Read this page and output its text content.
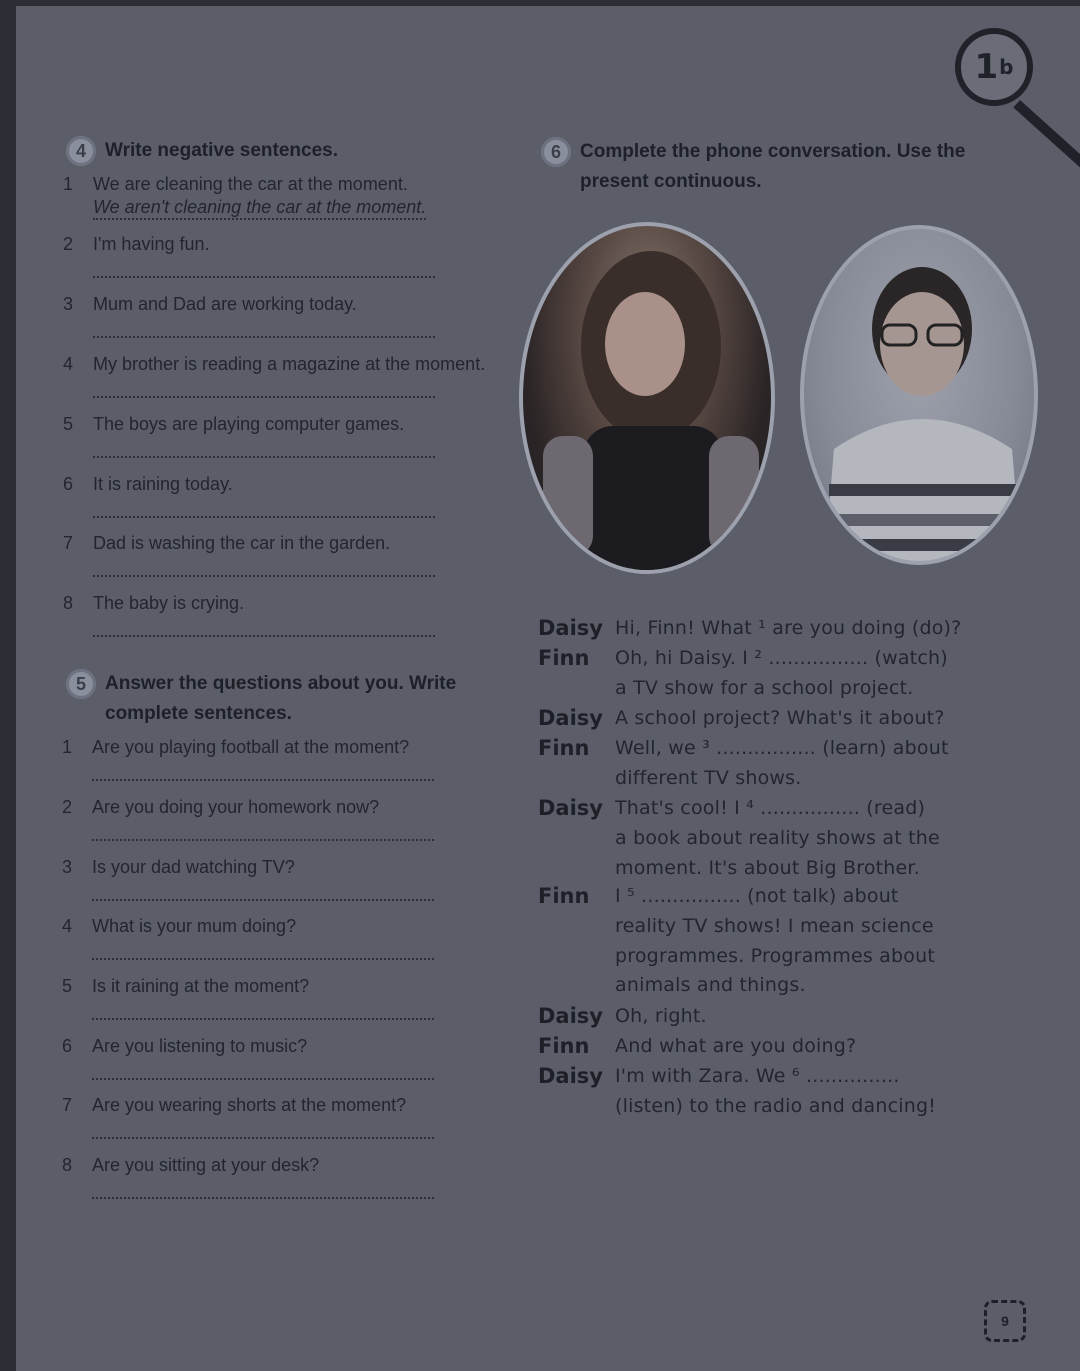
1 b
4	Write negative sentences.
1	We are cleaning the car at the moment.
We aren't cleaning the car at the moment.
2	I'm having fun.
3	Mum and Dad are working today.
4	My brother is reading a magazine at the moment.
5	The boys are playing computer games.
6	It is raining today.
7	Dad is washing the car in the garden.
8	The baby is crying.
5	Answer the questions about you. Write
complete sentences.
1	Are you playing football at the moment?
2	Are you doing your homework now?
3	Is your dad watching TV?
4	What is your mum doing?
5	Is it raining at the moment?
6	Are you listening to music?
7	Are you wearing shorts at the moment?
8	Are you sitting at your desk?
6	Complete the phone conversation. Use the
present continuous.
Daisy Hi, Finn! What ¹ are you doing (do)?
Finn Oh, hi Daisy. I ² ................ (watch)
a TV show for a school project.
Daisy A school project? What's it about?
Finn Well, we ³ ................ (learn) about
different TV shows.
Daisy That's cool! I ⁴ ................ (read)
a book about reality shows at the
moment. It's about Big Brother.
Finn I ⁵ ................ (not talk) about
reality TV shows! I mean science
programmes. Programmes about
animals and things.
Daisy Oh, right.
Finn And what are you doing?
Daisy I'm with Zara. We ⁶ ...............
(listen) to the radio and dancing!
9
